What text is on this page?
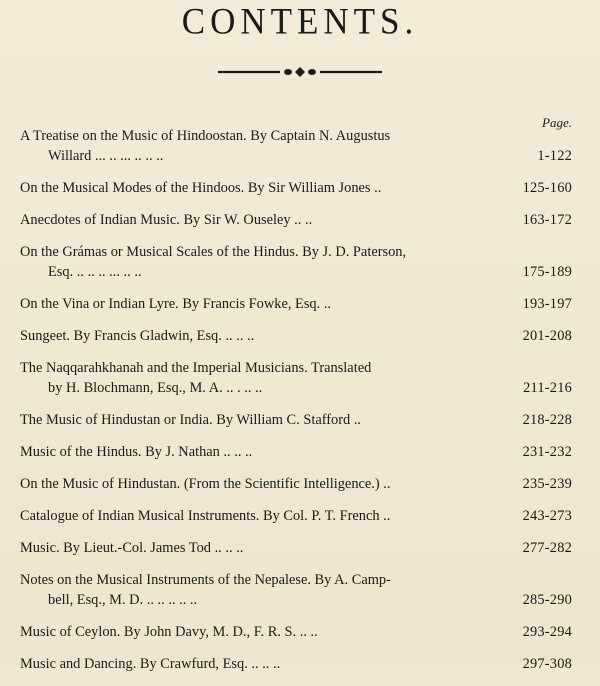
CONTENTS.
Page.
A Treatise on the Music of Hindoostan. By Captain N. Augustus
Willard ... .. ... .. .. ..	1-122
On the Musical Modes of the Hindoos. By Sir William Jones ..	125-160
Anecdotes of Indian Music. By Sir W. Ouseley .. ..	163-172
On the Grámas or Musical Scales of the Hindus. By J. D. Paterson,
Esq. .. .. .. ... .. ..	175-189
On the Vina or Indian Lyre. By Francis Fowke, Esq. ..	193-197
Sungeet. By Francis Gladwin, Esq. .. .. ..	201-208
The Naqqarahkhanah and the Imperial Musicians. Translated
by H. Blochmann, Esq., M. A. .. . .. ..	211-216
The Music of Hindustan or India. By William C. Stafford ..	218-228
Music of the Hindus. By J. Nathan .. .. ..	231-232
On the Music of Hindustan. (From the Scientific Intelligence.) ..	235-239
Catalogue of Indian Musical Instruments. By Col. P. T. French ..	243-273
Music. By Lieut.-Col. James Tod .. .. ..	277-282
Notes on the Musical Instruments of the Nepalese. By A. Camp-
bell, Esq., M. D. .. .. .. .. ..	285-290
Music of Ceylon. By John Davy, M. D., F. R. S. .. ..	293-294
Music and Dancing. By Crawfurd, Esq. .. .. ..	297-308
